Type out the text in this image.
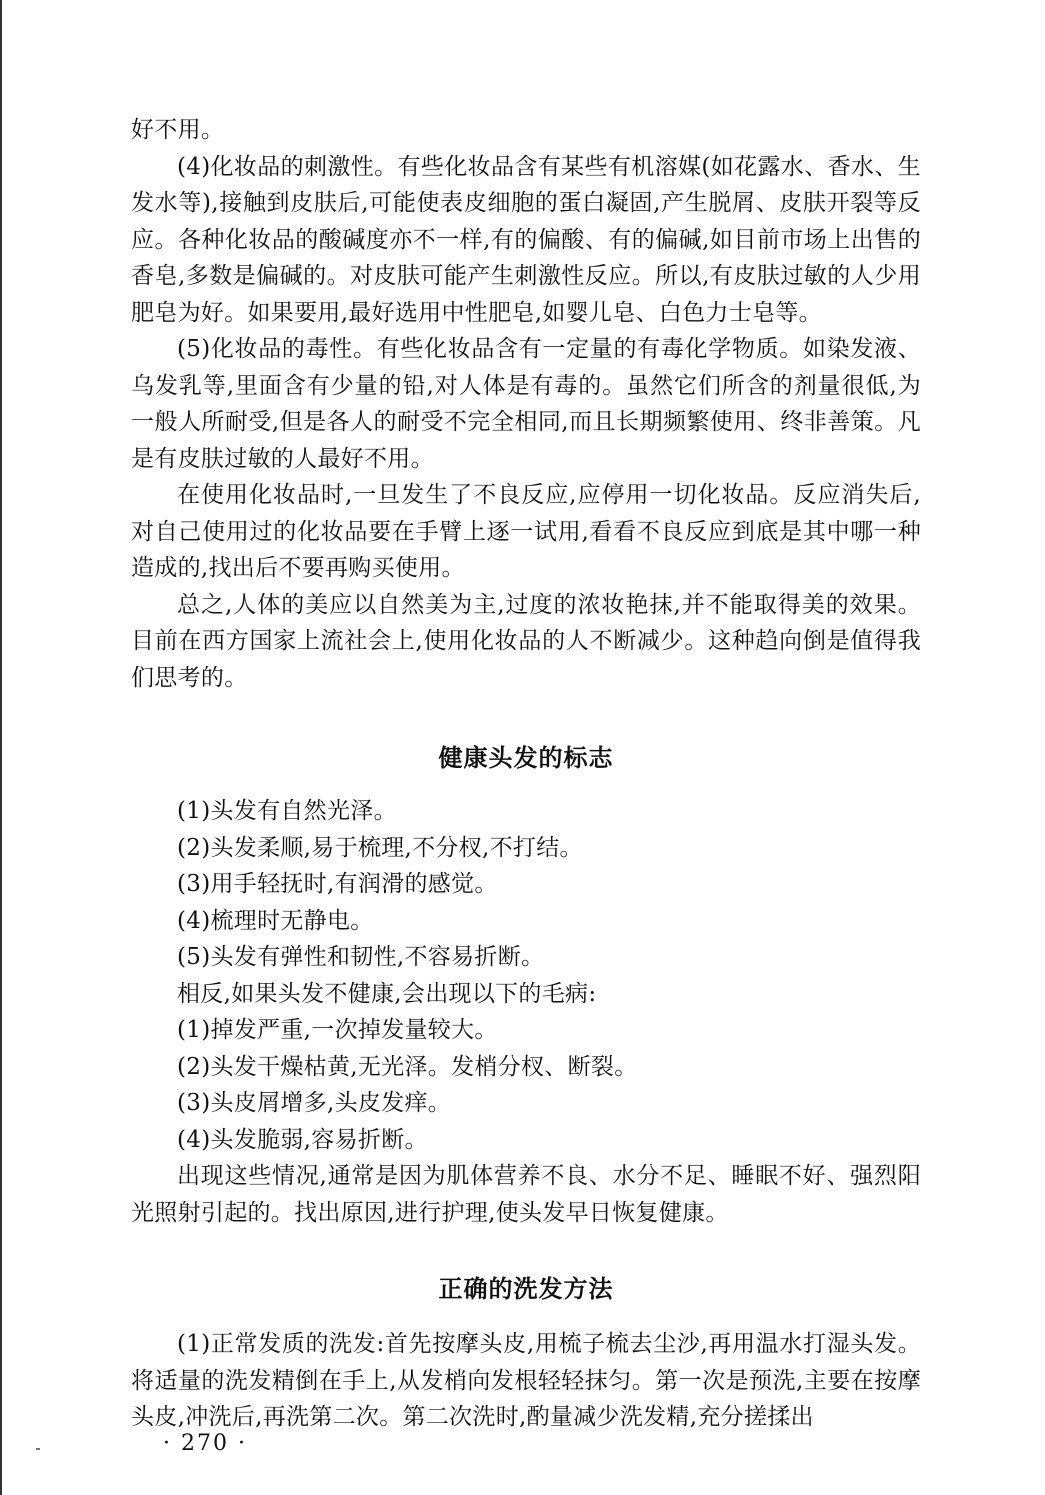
好不用。

(4)化妆品的刺激性。有些化妆品含有某些有机溶媒(如花露水、香水、生发水等),接触到皮肤后,可能使表皮细胞的蛋白凝固,产生脱屑、皮肤开裂等反应。各种化妆品的酸碱度亦不一样,有的偏酸、有的偏碱,如目前市场上出售的香皂,多数是偏碱的。对皮肤可能产生刺激性反应。所以,有皮肤过敏的人少用肥皂为好。如果要用,最好选用中性肥皂,如婴儿皂、白色力士皂等。

(5)化妆品的毒性。有些化妆品含有一定量的有毒化学物质。如染发液、乌发乳等,里面含有少量的铅,对人体是有毒的。虽然它们所含的剂量很低,为一般人所耐受,但是各人的耐受不完全相同,而且长期频繁使用、终非善策。凡是有皮肤过敏的人最好不用。

在使用化妆品时,一旦发生了不良反应,应停用一切化妆品。反应消失后,对自己使用过的化妆品要在手臂上逐一试用,看看不良反应到底是其中哪一种造成的,找出后不要再购买使用。

总之,人体的美应以自然美为主,过度的浓妆艳抹,并不能取得美的效果。目前在西方国家上流社会上,使用化妆品的人不断减少。这种趋向倒是值得我们思考的。

健康头发的标志

(1)头发有自然光泽。

(2)头发柔顺,易于梳理,不分杈,不打结。

(3)用手轻抚时,有润滑的感觉。

(4)梳理时无静电。

(5)头发有弹性和韧性,不容易折断。

相反,如果头发不健康,会出现以下的毛病:

(1)掉发严重,一次掉发量较大。

(2)头发干燥枯黄,无光泽。发梢分杈、断裂。

(3)头皮屑增多,头皮发痒。

(4)头发脆弱,容易折断。

出现这些情况,通常是因为肌体营养不良、水分不足、睡眠不好、强烈阳光照射引起的。找出原因,进行护理,使头发早日恢复健康。

正确的洗发方法

(1)正常发质的洗发:首先按摩头皮,用梳子梳去尘沙,再用温水打湿头发。将适量的洗发精倒在手上,从发梢向发根轻轻抹匀。第一次是预洗,主要在按摩头皮,冲洗后,再洗第二次。第二次洗时,酌量减少洗发精,充分搓揉出

· 270 ·
